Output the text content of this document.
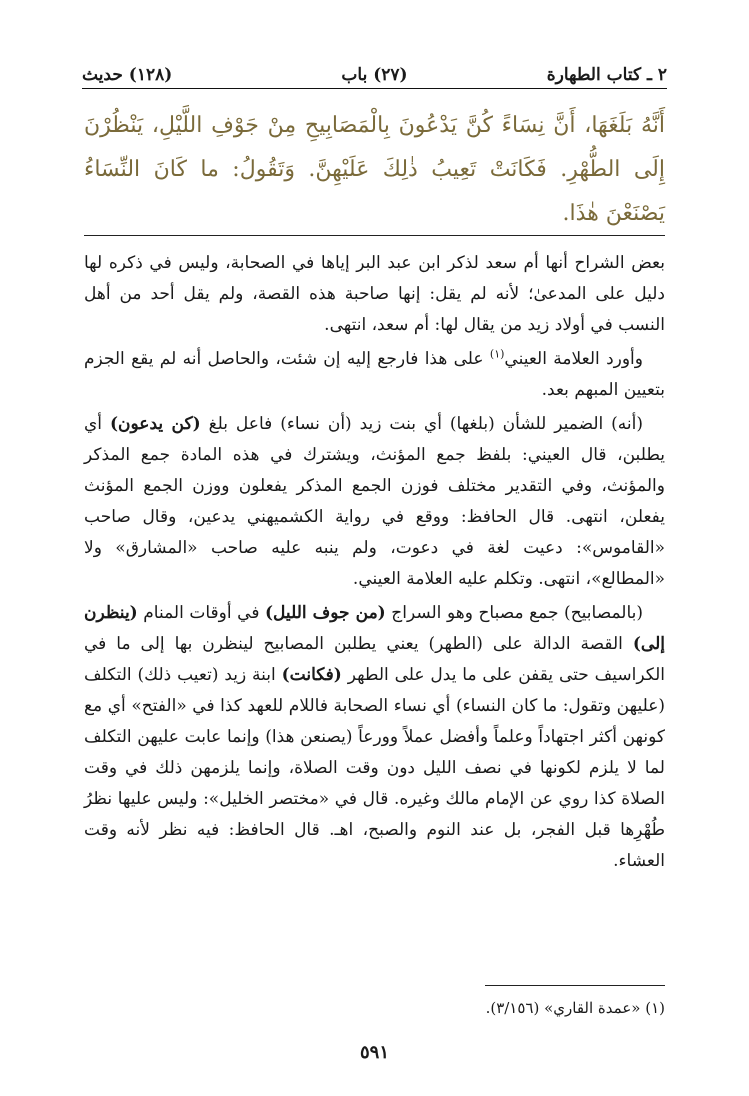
٢ ـ كتاب الطهارة
(٢٧) باب
(١٢٨) حديث
أَنَّهُ بَلَغَهَا، أَنَّ نِسَاءً كُنَّ يَدْعُونَ بِالْمَصَابِيحِ مِنْ جَوْفِ اللَّيْلِ، يَنْظُرْنَ إِلَى الطُّهْرِ. فَكَانَتْ تَعِيبُ ذٰلِكَ عَلَيْهِنَّ. وَتَقُولُ: ما كَانَ النِّسَاءُ يَصْنَعْنَ هٰذَا.

بعض الشراح أنها أم سعد لذكر ابن عبد البر إياها في الصحابة، وليس في ذكره لها دليل على المدعىٰ؛ لأنه لم يقل: إنها صاحبة هذه القصة، ولم يقل أحد من أهل النسب في أولاد زيد من يقال لها: أم سعد، انتهى.

وأورد العلامة العيني$^{(١)}$ على هذا فارجع إليه إن شئت، والحاصل أنه لم يقع الجزم بتعيين المبهم بعد.

(أنه) الضمير للشأن (بلغها) أي بنت زيد (أن نساء) فاعل بلغ (كن يدعون) أي يطلبن، قال العيني: بلفظ جمع المؤنث، ويشترك في هذه المادة جمع المذكر والمؤنث، وفي التقدير مختلف فوزن الجمع المذكر يفعلون ووزن الجمع المؤنث يفعلن، انتهى. قال الحافظ: ووقع في رواية الكشميهني يدعين، وقال صاحب «القاموس»: دعيت لغة في دعوت، ولم ينبه عليه صاحب «المشارق» ولا «المطالع»، انتهى. وتكلم عليه العلامة العيني.

(بالمصابيح) جمع مصباح وهو السراج (من جوف الليل) في أوقات المنام (ينظرن إلى) القصة الدالة على (الطهر) يعني يطلبن المصابيح لينظرن بها إلى ما في الكراسيف حتى يقفن على ما يدل على الطهر (فكانت) ابنة زيد (تعيب ذلك) التكلف (عليهن وتقول: ما كان النساء) أي نساء الصحابة فاللام للعهد كذا في «الفتح» أي مع كونهن أكثر اجتهاداً وعلماً وأفضل عملاً وورعاً (يصنعن هذا) وإنما عابت عليهن التكلف لما لا يلزم لكونها في نصف الليل دون وقت الصلاة، وإنما يلزمهن ذلك في وقت الصلاة كذا روي عن الإمام مالك وغيره. قال في «مختصر الخليل»: وليس عليها نظرُ طُهْرِها قبل الفجر، بل عند النوم والصبح، اهـ. قال الحافظ: فيه نظر لأنه وقت العشاء.

(١) «عمدة القاري» (٣/١٥٦).
٥٩١
